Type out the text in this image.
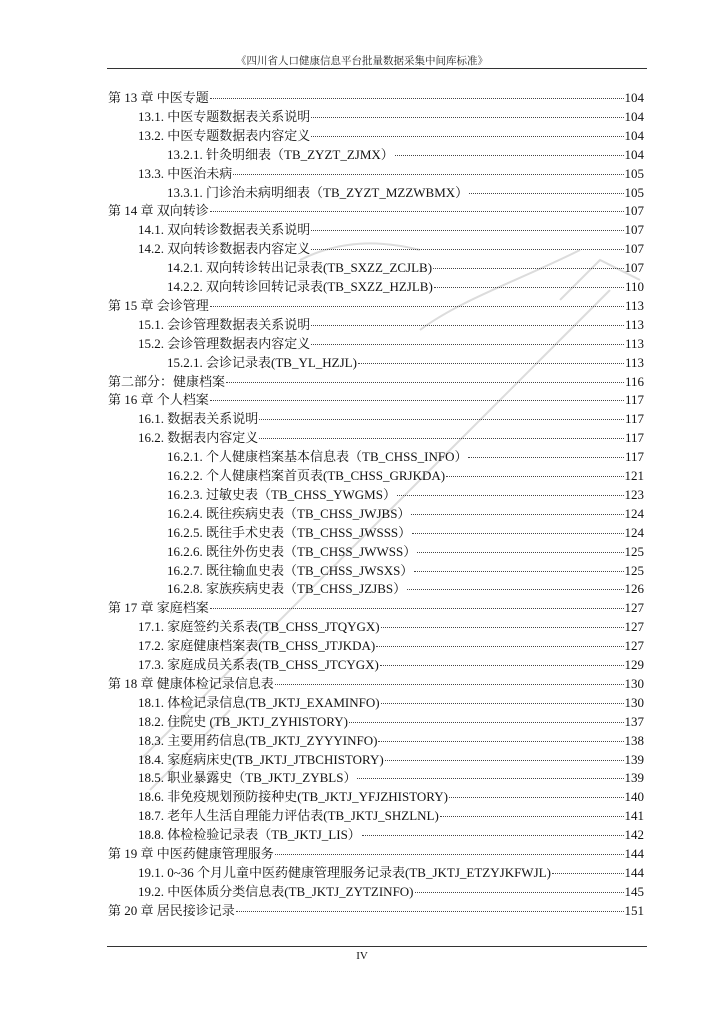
《四川省人口健康信息平台批量数据采集中间库标准》
第 13 章 中医专题	104
13.1. 中医专题数据表关系说明	104
13.2. 中医专题数据表内容定义	104
13.2.1. 针灸明细表（TB_ZYZT_ZJMX）	104
13.3. 中医治未病	105
13.3.1. 门诊治未病明细表（TB_ZYZT_MZZWBMX）	105
第 14 章 双向转诊	107
14.1. 双向转诊数据表关系说明	107
14.2. 双向转诊数据表内容定义	107
14.2.1. 双向转诊转出记录表(TB_SXZZ_ZCJLB)	107
14.2.2. 双向转诊回转记录表(TB_SXZZ_HZJLB)	110
第 15 章 会诊管理	113
15.1. 会诊管理数据表关系说明	113
15.2. 会诊管理数据表内容定义	113
15.2.1. 会诊记录表(TB_YL_HZJL)	113
第二部分：健康档案	116
第 16 章 个人档案	117
16.1. 数据表关系说明	117
16.2. 数据表内容定义	117
16.2.1. 个人健康档案基本信息表（TB_CHSS_INFO）	117
16.2.2. 个人健康档案首页表(TB_CHSS_GRJKDA)	121
16.2.3. 过敏史表（TB_CHSS_YWGMS）	123
16.2.4. 既往疾病史表（TB_CHSS_JWJBS）	124
16.2.5. 既往手术史表（TB_CHSS_JWSSS）	124
16.2.6. 既往外伤史表（TB_CHSS_JWWSS）	125
16.2.7. 既往输血史表（TB_CHSS_JWSXS）	125
16.2.8. 家族疾病史表（TB_CHSS_JZJBS）	126
第 17 章 家庭档案	127
17.1. 家庭签约关系表(TB_CHSS_JTQYGX)	127
17.2. 家庭健康档案表(TB_CHSS_JTJKDA)	127
17.3. 家庭成员关系表(TB_CHSS_JTCYGX)	129
第 18 章 健康体检记录信息表	130
18.1. 体检记录信息(TB_JKTJ_EXAMINFO)	130
18.2. 住院史 (TB_JKTJ_ZYHISTORY)	137
18.3. 主要用药信息(TB_JKTJ_ZYYYINFO)	138
18.4. 家庭病床史(TB_JKTJ_JTBCHISTORY)	139
18.5. 职业暴露史（TB_JKTJ_ZYBLS）	139
18.6. 非免疫规划预防接种史(TB_JKTJ_YFJZHISTORY)	140
18.7. 老年人生活自理能力评估表(TB_JKTJ_SHZLNL)	141
18.8. 体检检验记录表（TB_JKTJ_LIS）	142
第 19 章 中医药健康管理服务	144
19.1. 0~36 个月儿童中医药健康管理服务记录表(TB_JKTJ_ETZYJKFWJL)	144
19.2. 中医体质分类信息表(TB_JKTJ_ZYTZINFO)	145
第 20 章 居民接诊记录	151
IV
